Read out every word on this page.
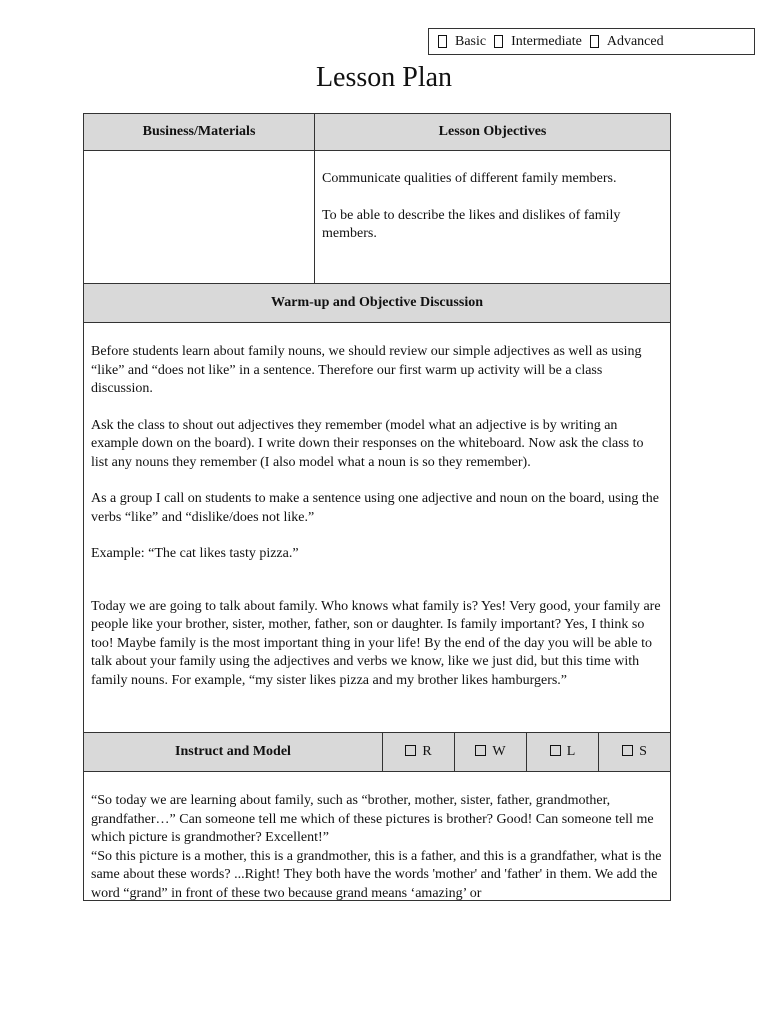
Basic Intermediate Advanced
Lesson Plan
Business/Materials	Lesson Objectives				

	Communicate qualities of different family members.

To be able to describe the likes and dislikes of family members.				

Warm-up and Objective Discussion					

Before students learn about family nouns, we should review our simple adjectives as well as using “like” and “does not like” in a sentence. Therefore our first warm up activity will be a class discussion.

Ask the class to shout out adjectives they remember (model what an adjective is by writing an example down on the board). I write down their responses on the whiteboard. Now ask the class to list any nouns they remember (I also model what a noun is so they remember).

As a group I call on students to make a sentence using one adjective and noun on the board, using the verbs “like” and “dislike/does not like.”

Example: “The cat likes tasty pizza.”

Today we are going to talk about family. Who knows what family is? Yes! Very good, your family are people like your brother, sister, mother, father, son or daughter. Is family important? Yes, I think so too! Maybe family is the most important thing in your life! By the end of the day you will be able to talk about your family using the adjectives and verbs we know, like we just did, but this time with family nouns. For example, “my sister likes pizza and my brother likes hamburgers.”					

Instruct and Model		R	W	L	S

“So today we are learning about family, such as “brother, mother, sister, father, grandmother, grandfather…” Can someone tell me which of these pictures is brother? Good! Can someone tell me which picture is grandmother? Excellent!”

“So this picture is a mother, this is a grandmother, this is a father, and this is a grandfather, what is the same about these words? ...Right! They both have the words 'mother' and 'father' in them. We add the word “grand” in front of these two because grand means ‘amazing’ or					
